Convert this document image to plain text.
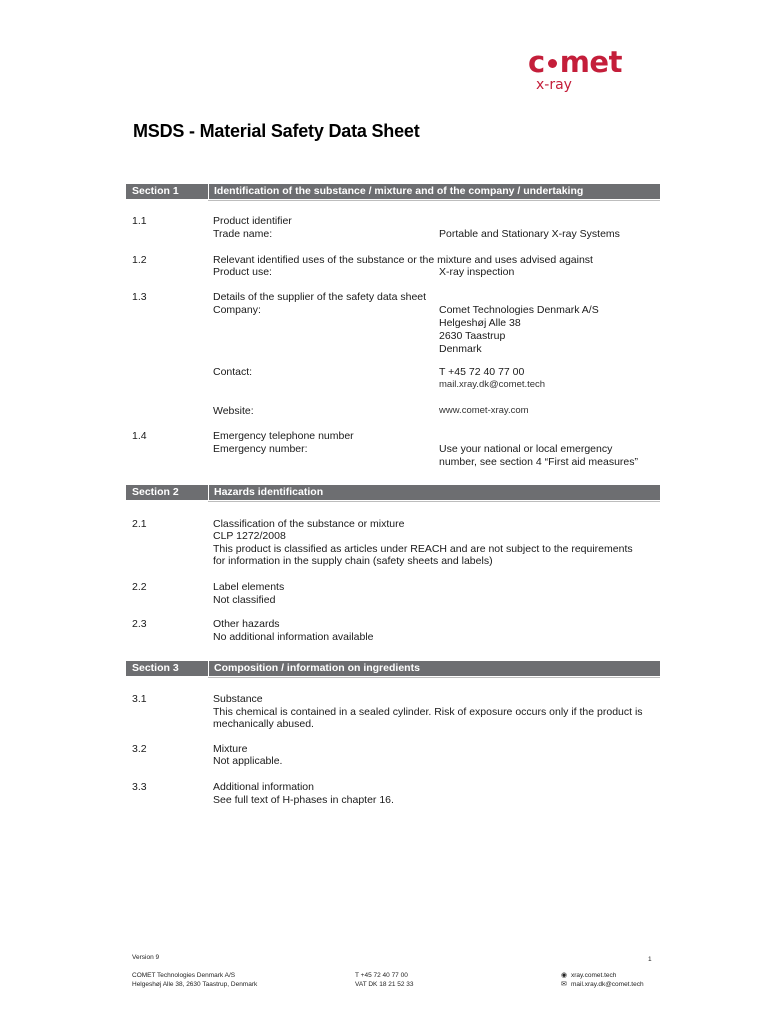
c met
x-ray
MSDS - Material Safety Data Sheet
Section 1	Identification of the substance / mixture and of the company / undertaking
1.1	Product identifier
Trade name:	Portable and Stationary X-ray Systems
1.2	Relevant identified uses of the substance or the mixture and uses advised against
Product use:	X-ray inspection
1.3	Details of the supplier of the safety data sheet
Company:	Comet Technologies Denmark A/S
Helgeshøj Alle 38
2630 Taastrup
Denmark
Contact:	T +45 72 40 77 00
mail.xray.dk@comet.tech
Website:	www.comet-xray.com
1.4	Emergency telephone number
Emergency number:	Use your national or local emergency
number, see section 4 “First aid measures”
Section 2	Hazards identification
2.1	Classification of the substance or mixture
CLP 1272/2008
This product is classified as articles under REACH and are not subject to the requirements
for information in the supply chain (safety sheets and labels)
2.2	Label elements
Not classified
2.3	Other hazards
No additional information available
Section 3	Composition / information on ingredients
3.1	Substance
This chemical is contained in a sealed cylinder. Risk of exposure occurs only if the product is
mechanically abused.
3.2	Mixture
Not applicable.
3.3	Additional information
See full text of H-phases in chapter 16.
Version 9	1
COMET Technologies Denmark A/S
Helgeshøj Alle 38, 2630 Taastrup, Denmark
T +45 72 40 77 00
VAT DK 18 21 52 33
◉ xray.comet.tech
✉ mail.xray.dk@comet.tech
